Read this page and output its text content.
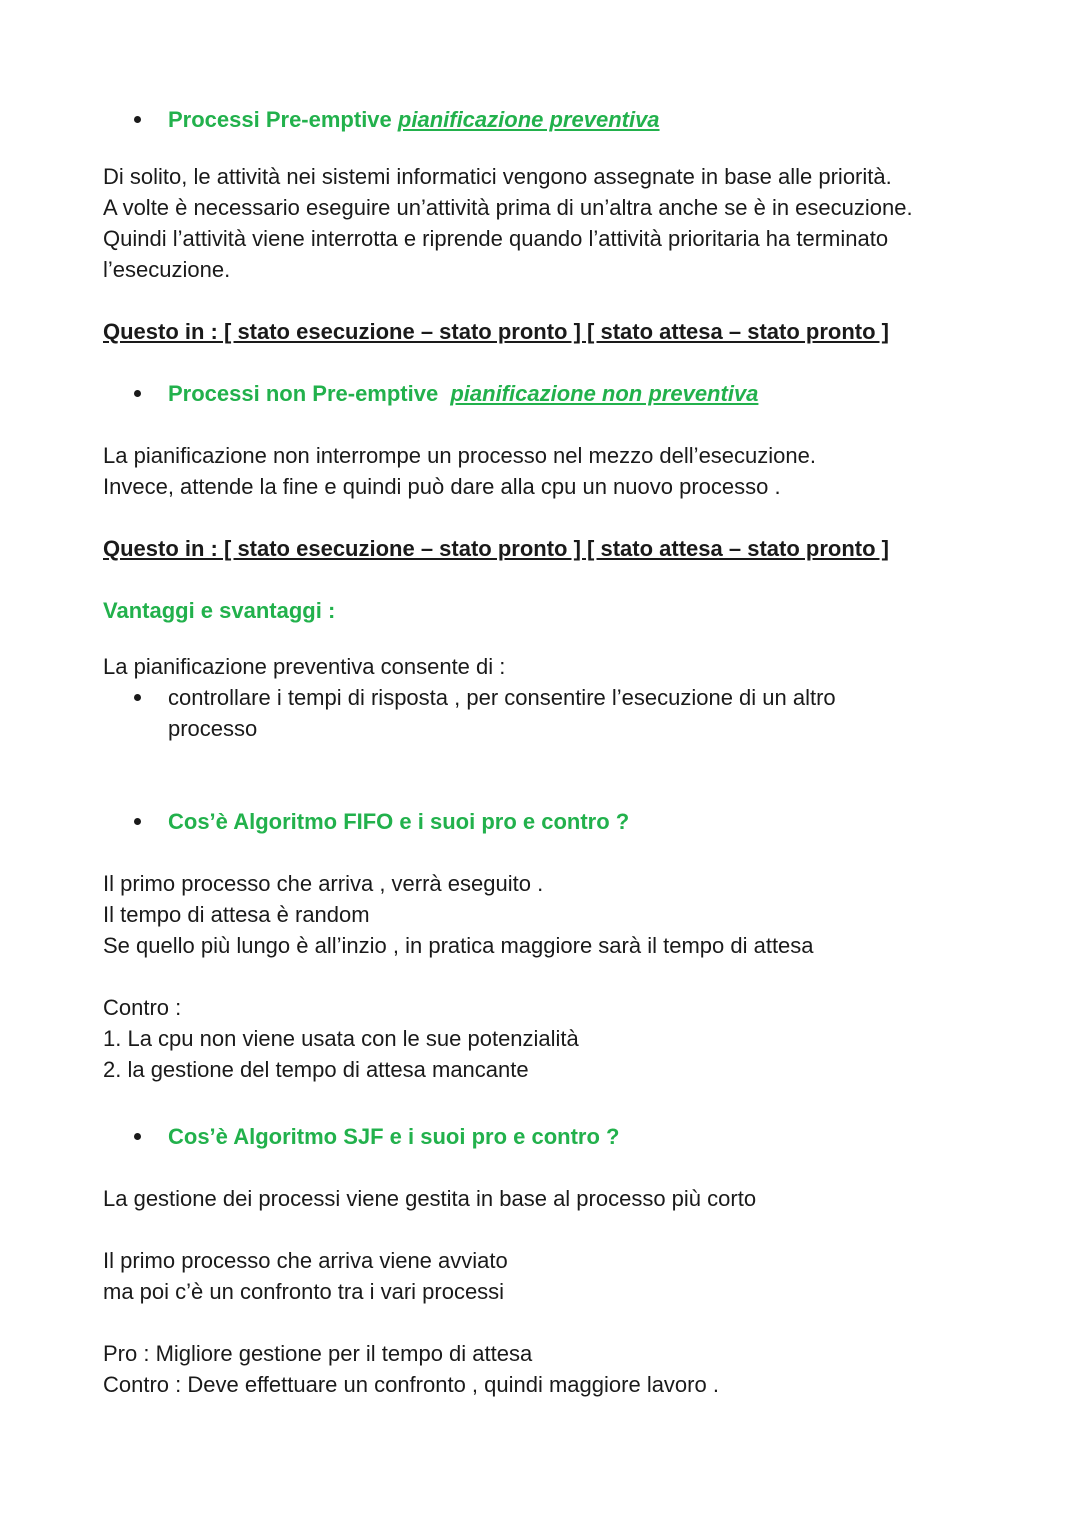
Processi Pre-emptive pianificazione preventiva
Di solito, le attività nei sistemi informatici vengono assegnate in base alle priorità.
A volte è necessario eseguire un’attività prima di un’altra anche se è in esecuzione.
Quindi l’attività viene interrotta e riprende quando l’attività prioritaria ha terminato
l’esecuzione.
Questo in : [ stato esecuzione – stato pronto ] [ stato attesa – stato pronto ]
Processi non Pre-emptive pianificazione non preventiva
La pianificazione non interrompe un processo nel mezzo dell’esecuzione.
Invece, attende la fine e quindi può dare alla cpu un nuovo processo .
Questo in : [ stato esecuzione – stato pronto ] [ stato attesa – stato pronto ]
Vantaggi e svantaggi :
La pianificazione preventiva consente di :
controllare i tempi di risposta , per consentire l’esecuzione di un altro
processo
Cos’è Algoritmo FIFO e i suoi pro e contro ?
Il primo processo che arriva , verrà eseguito .
Il tempo di attesa è random
Se quello più lungo è all’inzio , in pratica maggiore sarà il tempo di attesa
Contro :
1. La cpu non viene usata con le sue potenzialità
2. la gestione del tempo di attesa mancante
Cos’è Algoritmo SJF e i suoi pro e contro ?
La gestione dei processi viene gestita in base al processo più corto
Il primo processo che arriva viene avviato
ma poi c’è un confronto tra i vari processi
Pro : Migliore gestione per il tempo di attesa
Contro : Deve effettuare un confronto , quindi maggiore lavoro .
